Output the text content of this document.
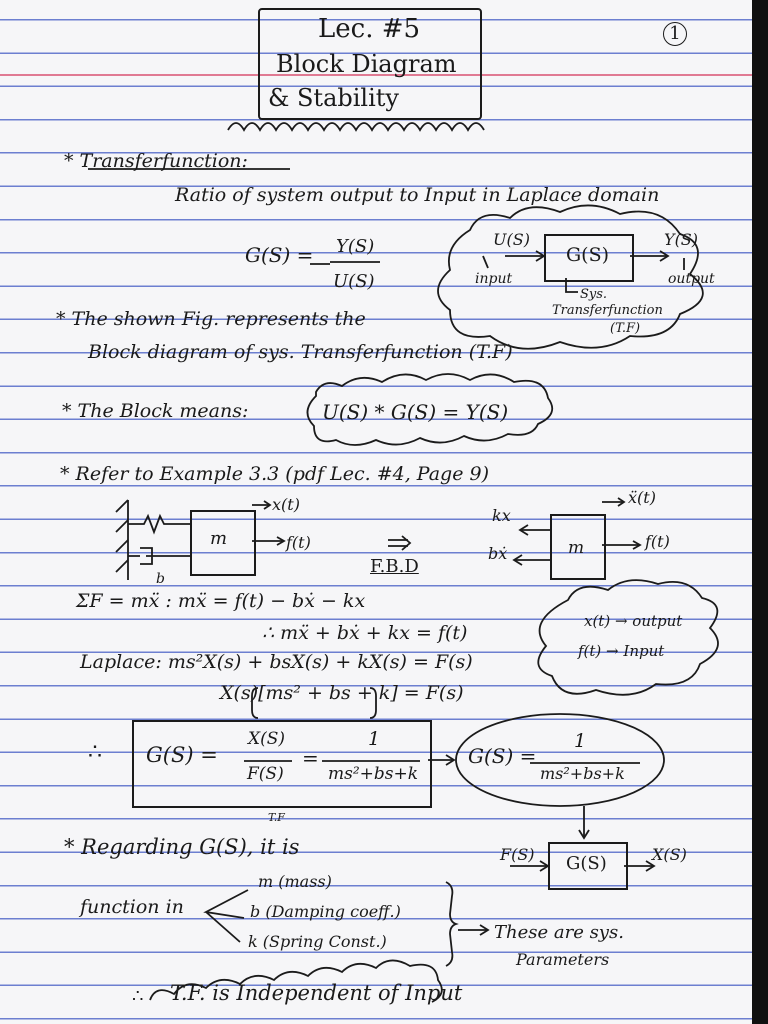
Lec. #5
Block Diagram
& Stability
1
* Transferfunction:
Ratio of system output to Input in Laplace domain
G(S) = Y(S)
U(S)
U(S)
G(S)
Y(S)
input	output
Sys.
Transferfunction
(T.F)
* The shown Fig. represents the
Block diagram of sys. Transferfunction (T.F)
* The Block means:	U(S) * G(S) = Y(S)
* Refer to Example 3.3 (pdf Lec. #4, Page 9)
m
x(t)
f(t)
b
F.B.D
m
kx
bẋ
ẍ(t)
f(t)
ΣF = mẍ : mẍ = f(t) − bẋ − kx
∴ mẍ + bẋ + kx = f(t)
Laplace: ms²X(s) + bsX(s) + kX(s) = F(s)
X(s)[ms² + bs + k] = F(s)
x(t) → output
f(t) → Input
∴ G(S) =
X(S)
F(S)
=
1
ms²+bs+k
G(S) =
1
ms²+bs+k
F(S) G(S)	X(S)
T.F
* Regarding G(S), it is
function in
m (mass)
b (Damping coeff.)
k (Spring Const.)	These are sys.
Parameters
∴ T.F. is Independent of Input
